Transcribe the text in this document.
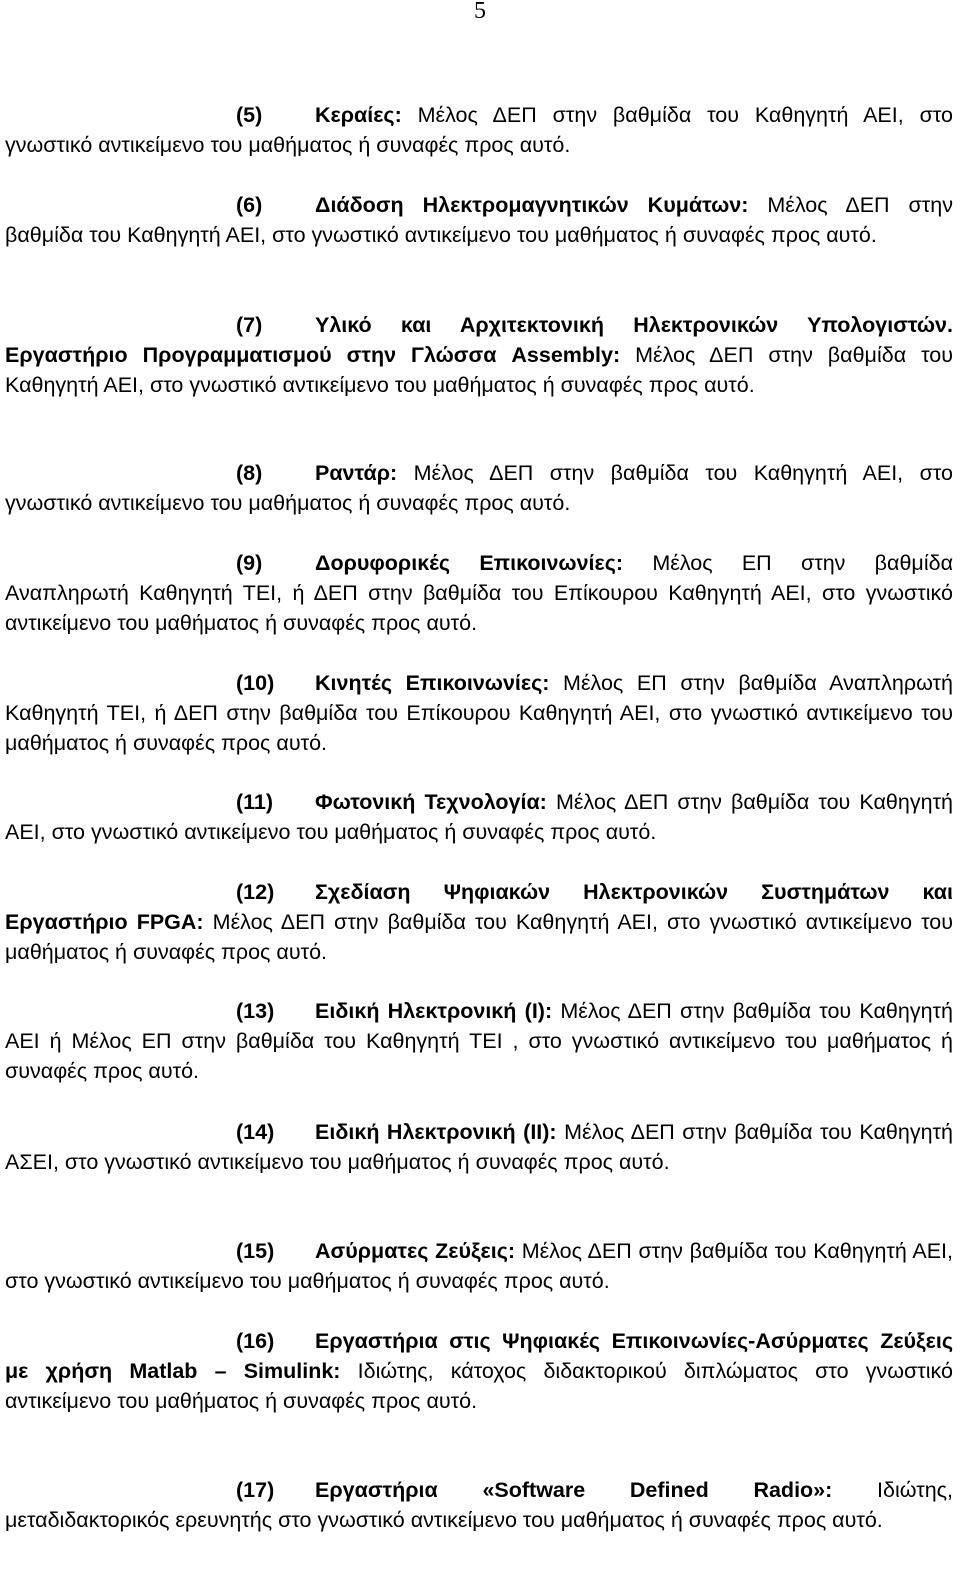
5

(5) Κεραίες: Μέλος ΔΕΠ στην βαθμίδα του Καθηγητή ΑΕΙ, στο γνωστικό αντικείμενο του μαθήματος ή συναφές προς αυτό.

(6) Διάδοση Ηλεκτρομαγνητικών Κυμάτων: Μέλος ΔΕΠ στην βαθμίδα του Καθηγητή ΑΕΙ, στο γνωστικό αντικείμενο του μαθήματος ή συναφές προς αυτό.

(7) Υλικό και Αρχιτεκτονική Ηλεκτρονικών Υπολογιστών. Εργαστήριο Προγραμματισμού στην Γλώσσα Assembly: Μέλος ΔΕΠ στην βαθμίδα του Καθηγητή ΑΕΙ, στο γνωστικό αντικείμενο του μαθήματος ή συναφές προς αυτό.

(8) Ραντάρ: Μέλος ΔΕΠ στην βαθμίδα του Καθηγητή ΑΕΙ, στο γνωστικό αντικείμενο του μαθήματος ή συναφές προς αυτό.

(9) Δορυφορικές Επικοινωνίες: Μέλος ΕΠ στην βαθμίδα Αναπληρωτή Καθηγητή ΤΕΙ, ή ΔΕΠ στην βαθμίδα του Επίκουρου Καθηγητή ΑΕΙ, στο γνωστικό αντικείμενο του μαθήματος ή συναφές προς αυτό.

(10) Κινητές Επικοινωνίες: Μέλος ΕΠ στην βαθμίδα Αναπληρωτή Καθηγητή ΤΕΙ, ή ΔΕΠ στην βαθμίδα του Επίκουρου Καθηγητή ΑΕΙ, στο γνωστικό αντικείμενο του μαθήματος ή συναφές προς αυτό.

(11) Φωτονική Τεχνολογία: Μέλος ΔΕΠ στην βαθμίδα του Καθηγητή ΑΕΙ, στο γνωστικό αντικείμενο του μαθήματος ή συναφές προς αυτό.

(12) Σχεδίαση Ψηφιακών Ηλεκτρονικών Συστημάτων και Εργαστήριο FPGA: Μέλος ΔΕΠ στην βαθμίδα του Καθηγητή ΑΕΙ, στο γνωστικό αντικείμενο του μαθήματος ή συναφές προς αυτό.

(13) Ειδική Ηλεκτρονική (Ι): Μέλος ΔΕΠ στην βαθμίδα του Καθηγητή ΑΕΙ ή Μέλος ΕΠ στην βαθμίδα του Καθηγητή ΤΕΙ , στο γνωστικό αντικείμενο του μαθήματος ή συναφές προς αυτό.

(14) Ειδική Ηλεκτρονική (ΙΙ): Μέλος ΔΕΠ στην βαθμίδα του Καθηγητή ΑΣΕΙ, στο γνωστικό αντικείμενο του μαθήματος ή συναφές προς αυτό.

(15) Ασύρματες Ζεύξεις: Μέλος ΔΕΠ στην βαθμίδα του Καθηγητή ΑΕΙ, στο γνωστικό αντικείμενο του μαθήματος ή συναφές προς αυτό.

(16) Εργαστήρια στις Ψηφιακές Επικοινωνίες-Ασύρματες Ζεύξεις με χρήση Matlab – Simulink: Ιδιώτης, κάτοχος διδακτορικού διπλώματος στο γνωστικό αντικείμενο του μαθήματος ή συναφές προς αυτό.

(17) Εργαστήρια «Software Defined Radio»: Ιδιώτης, μεταδιδακτορικός ερευνητής στο γνωστικό αντικείμενο του μαθήματος ή συναφές προς αυτό.
